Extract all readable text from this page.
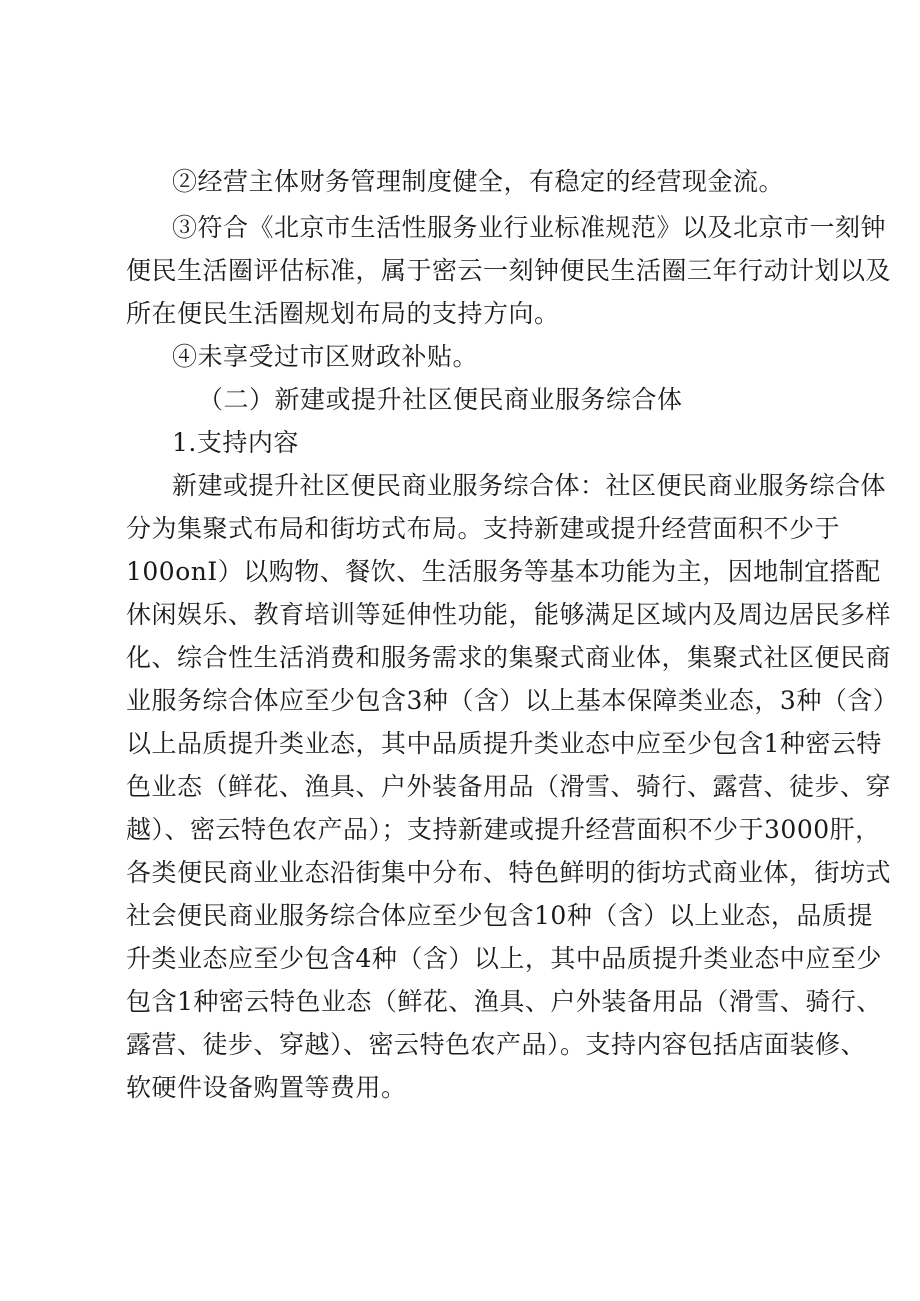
②经营主体财务管理制度健全，有稳定的经营现金流。
③符合《北京市生活性服务业行业标准规范》以及北京市一刻钟
便民生活圈评估标准，属于密云一刻钟便民生活圈三年行动计划以及
所在便民生活圈规划布局的支持方向。
④未享受过市区财政补贴。
（二）新建或提升社区便民商业服务综合体
1.支持内容
新建或提升社区便民商业服务综合体：社区便民商业服务综合体
分为集聚式布局和街坊式布局。支持新建或提升经营面积不少于
100onI）以购物、餐饮、生活服务等基本功能为主，因地制宜搭配
休闲娱乐、教育培训等延伸性功能，能够满足区域内及周边居民多样
化、综合性生活消费和服务需求的集聚式商业体，集聚式社区便民商
业服务综合体应至少包含3种（含）以上基本保障类业态，3种（含）
以上品质提升类业态，其中品质提升类业态中应至少包含1种密云特
色业态（鲜花、渔具、户外装备用品（滑雪、骑行、露营、徒步、穿
越）、密云特色农产品）；支持新建或提升经营面积不少于3000肝，
各类便民商业业态沿街集中分布、特色鲜明的街坊式商业体，街坊式
社会便民商业服务综合体应至少包含10种（含）以上业态，品质提
升类业态应至少包含4种（含）以上，其中品质提升类业态中应至少
包含1种密云特色业态（鲜花、渔具、户外装备用品（滑雪、骑行、
露营、徒步、穿越）、密云特色农产品）。支持内容包括店面装修、
软硬件设备购置等费用。
